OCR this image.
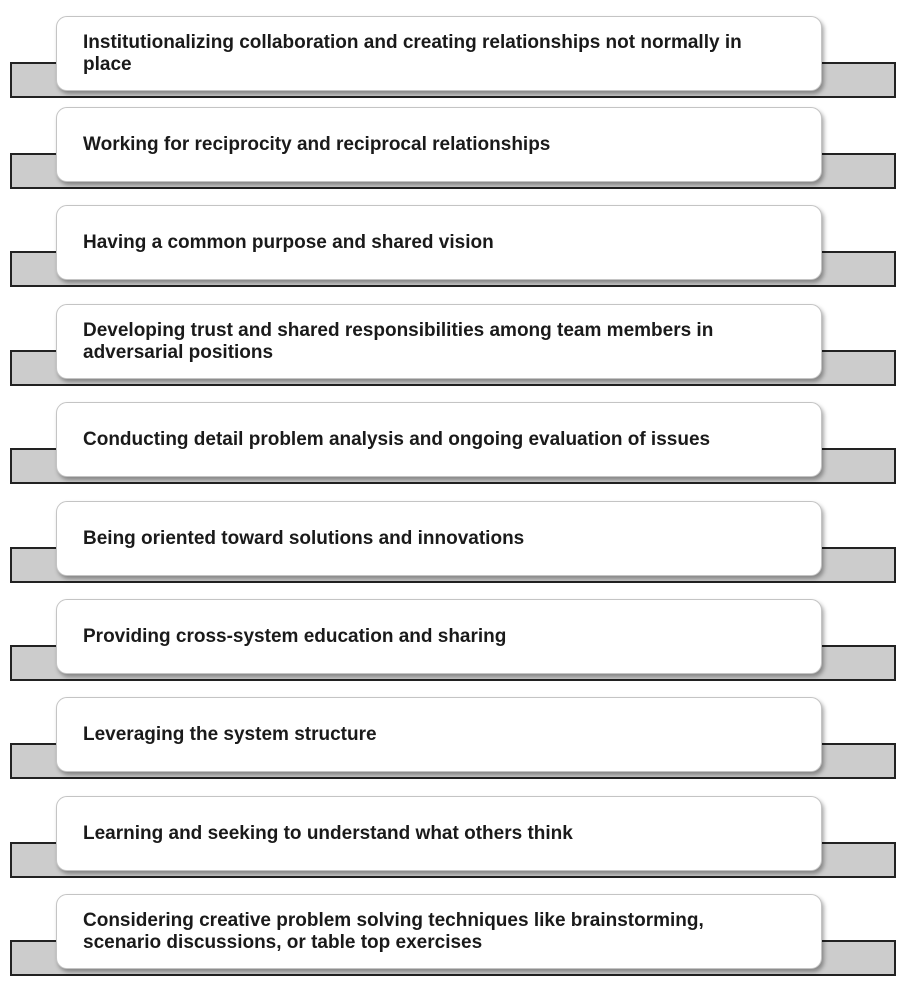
Institutionalizing collaboration and creating relationships not normally in place

Working for reciprocity and reciprocal relationships

Having a common purpose and shared vision

Developing trust and shared responsibilities among team members in adversarial positions

Conducting detail problem analysis and ongoing evaluation of issues

Being oriented toward solutions and innovations

Providing cross-system education and sharing

Leveraging the system structure

Learning and seeking to understand what others think

Considering creative problem solving techniques like brainstorming, scenario discussions, or table top exercises
